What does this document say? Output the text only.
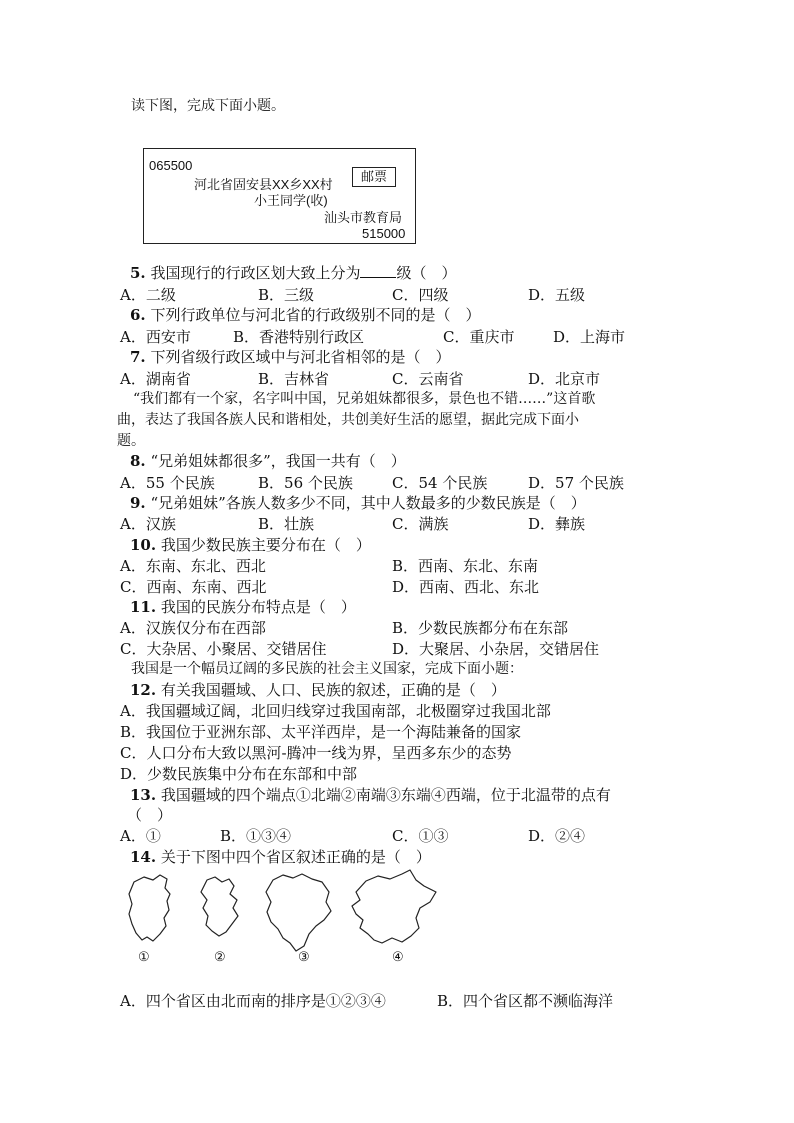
读下图，完成下面小题。
065500
河北省固安县XX乡XX村
邮票
小王同学(收)
汕头市教育局
515000
5. 我国现行的行政区划大致上分为 级（　）
A．二级	B．三级	C．四级	D．五级
6. 下列行政单位与河北省的行政级别不同的是（　）
A．西安市	B．香港特别行政区	C．重庆市	D．上海市
7. 下列省级行政区域中与河北省相邻的是（　）
A．湖南省	B．吉林省	C．云南省	D．北京市
“我们都有一个家，名字叫中国，兄弟姐妹都很多，景色也不错……”这首歌
曲，表达了我国各族人民和谐相处，共创美好生活的愿望，据此完成下面小
题。
8. “兄弟姐妹都很多”，我国一共有（　）
A．55 个民族	B．56 个民族	C．54 个民族	D．57 个民族
9. “兄弟姐妹”各族人数多少不同，其中人数最多的少数民族是（　）
A．汉族	B．壮族	C．满族	D．彝族
10. 我国少数民族主要分布在（　）
A．东南、东北、西北	B．西南、东北、东南
C．西南、东南、西北	D．西南、西北、东北
11. 我国的民族分布特点是（　）
A．汉族仅分布在西部	B．少数民族都分布在东部
C．大杂居、小聚居、交错居住	D．大聚居、小杂居，交错居住
我国是一个幅员辽阔的多民族的社会主义国家，完成下面小题：
12. 有关我国疆域、人口、民族的叙述，正确的是（　）
A．我国疆域辽阔，北回归线穿过我国南部，北极圈穿过我国北部
B．我国位于亚洲东部、太平洋西岸，是一个海陆兼备的国家
C．人口分布大致以黑河-腾冲一线为界，呈西多东少的态势
D．少数民族集中分布在东部和中部
13. 我国疆域的四个端点①北端②南端③东端④西端，位于北温带的点有
（　）
A．①	B．①③④	C．①③	D．②④
14. 关于下图中四个省区叙述正确的是（　）
①	②	③	④
A．四个省区由北而南的排序是①②③④	B．四个省区都不濒临海洋
